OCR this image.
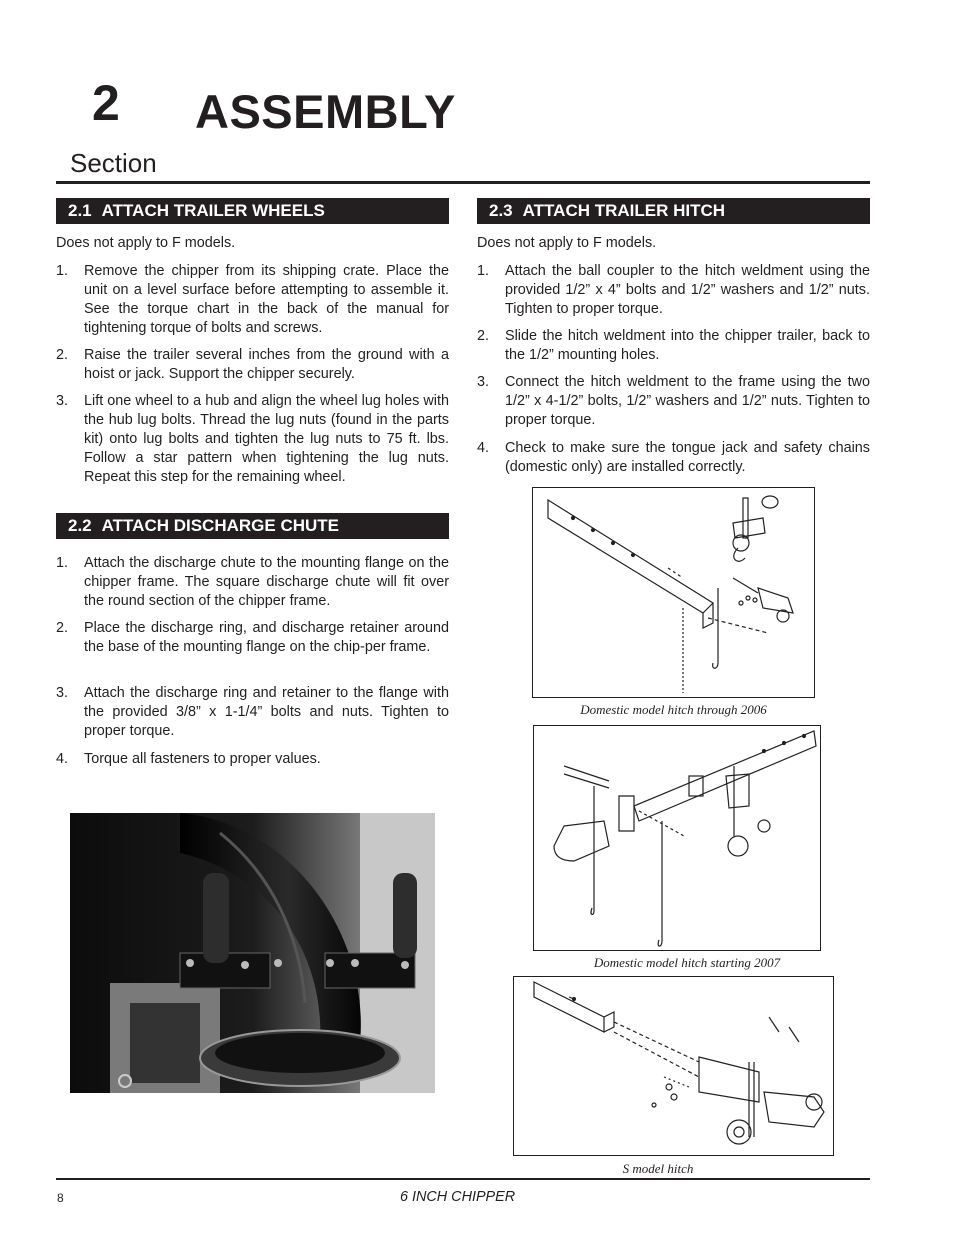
2 ASSEMBLY
Section
2.1 ATTACH TRAILER WHEELS
Does not apply to F models.
1. Remove the chipper from its shipping crate. Place the unit on a level surface before attempting to assemble it. See the torque chart in the back of the manual for tightening torque of bolts and screws.
2. Raise the trailer several inches from the ground with a hoist or jack. Support the chipper securely.
3. Lift one wheel to a hub and align the wheel lug holes with the hub lug bolts. Thread the lug nuts (found in the parts kit) onto lug bolts and tighten the lug nuts to 75 ft. lbs. Follow a star pattern when tightening the lug nuts. Repeat this step for the remaining wheel.
2.2 ATTACH DISCHARGE CHUTE
1. Attach the discharge chute to the mounting flange on the chipper frame. The square discharge chute will fit over the round section of the chipper frame.
2. Place the discharge ring, and discharge retainer around the base of the mounting flange on the chip-per frame.
3. Attach the discharge ring and retainer to the flange with the provided 3/8” x 1-1/4” bolts and nuts. Tighten to proper torque.
4. Torque all fasteners to proper values.
2.3 ATTACH TRAILER HITCH
Does not apply to F models.
1. Attach the ball coupler to the hitch weldment using the provided 1/2” x 4” bolts and 1/2” washers and 1/2” nuts. Tighten to proper torque.
2. Slide the hitch weldment into the chipper trailer, back to the 1/2” mounting holes.
3. Connect the hitch weldment to the frame using the two 1/2” x 4-1/2” bolts, 1/2” washers and 1/2” nuts. Tighten to proper torque.
4. Check to make sure the tongue jack and safety chains (domestic only) are installed correctly.
Domestic model hitch through 2006
Domestic model hitch starting 2007
S model hitch
8	6 INCH CHIPPER
